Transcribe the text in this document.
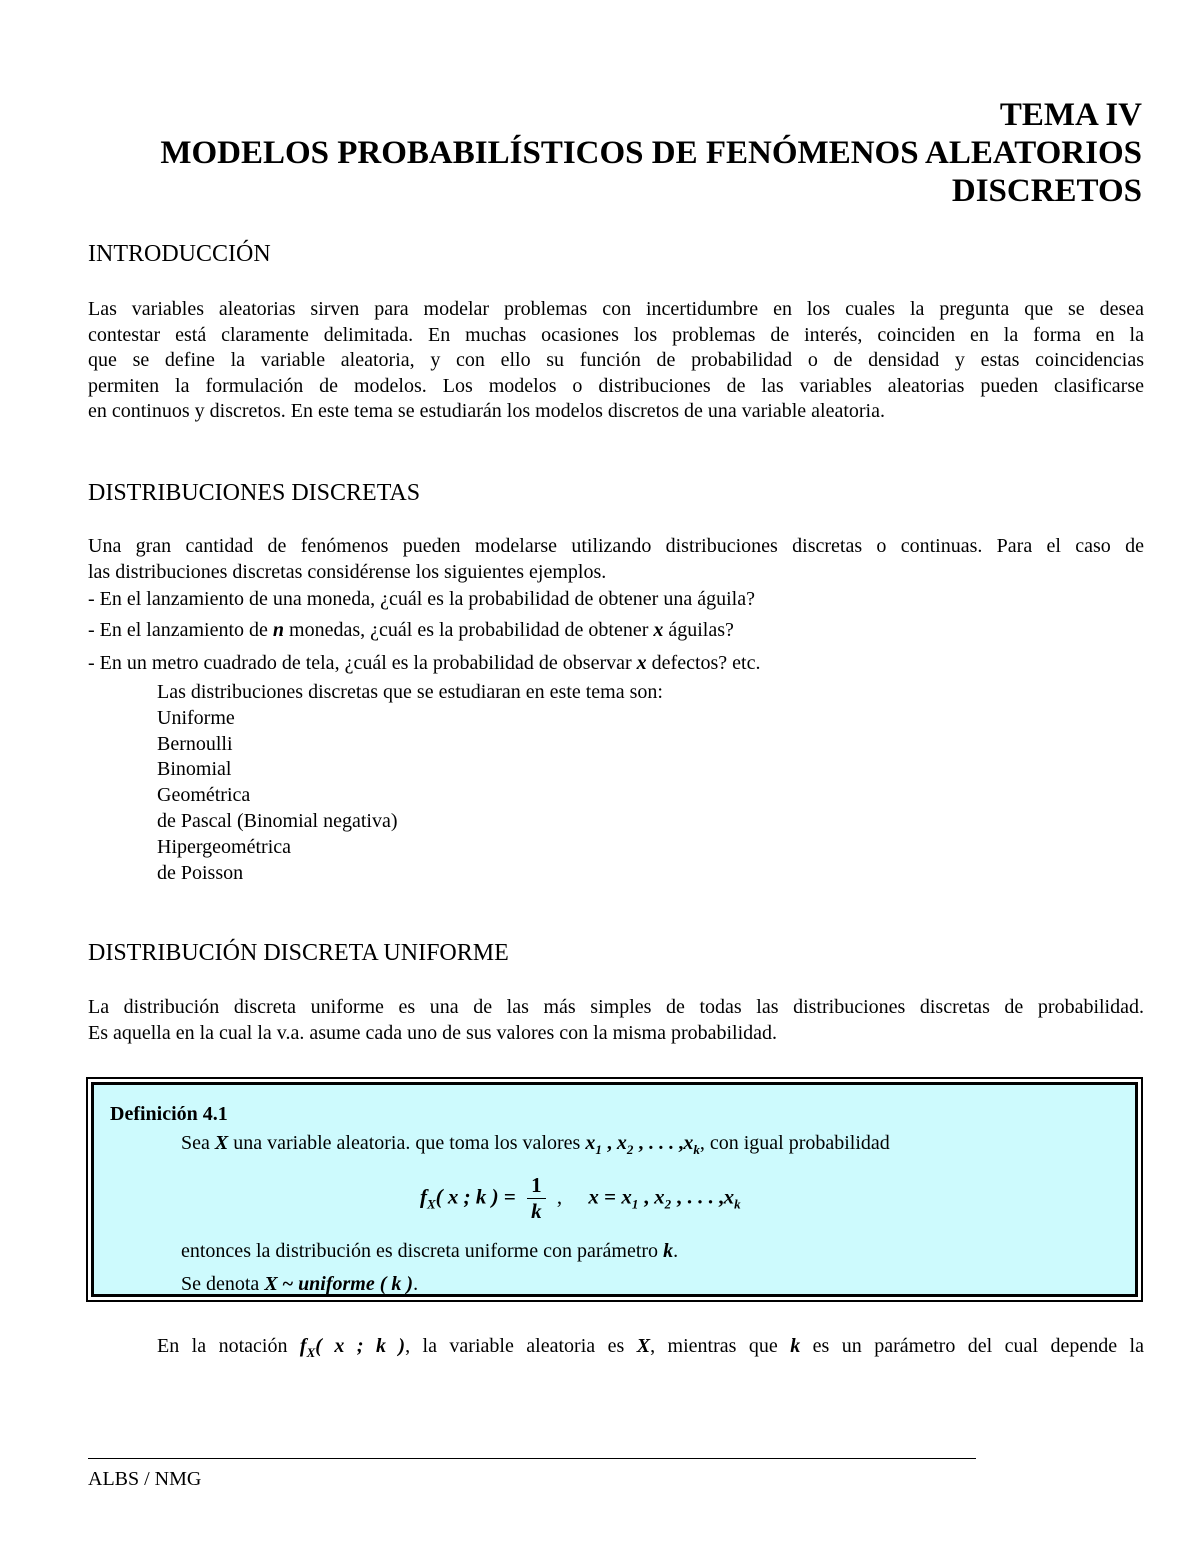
TEMA IV
MODELOS PROBABILÍSTICOS DE FENÓMENOS ALEATORIOS
DISCRETOS
INTRODUCCIÓN
Las variables aleatorias sirven para modelar problemas con incertidumbre en los cuales la pregunta que se desea
contestar está claramente delimitada. En muchas ocasiones los problemas de interés, coinciden en la forma en la
que se define la variable aleatoria, y con ello su función de probabilidad o de densidad y estas coincidencias
permiten la formulación de modelos. Los modelos o distribuciones de las variables aleatorias pueden clasificarse
en continuos y discretos. En este tema se estudiarán los modelos discretos de una variable aleatoria.
DISTRIBUCIONES DISCRETAS
Una gran cantidad de fenómenos pueden modelarse utilizando distribuciones discretas o continuas. Para el caso de
las distribuciones discretas considérense los siguientes ejemplos.
- En el lanzamiento de una moneda, ¿cuál es la probabilidad de obtener una águila?
- En el lanzamiento de n monedas, ¿cuál es la probabilidad de obtener x águilas?
- En un metro cuadrado de tela, ¿cuál es la probabilidad de observar x defectos? etc.
Las distribuciones discretas que se estudiaran en este tema son:
Uniforme
Bernoulli
Binomial
Geométrica
de Pascal (Binomial negativa)
Hipergeométrica
de Poisson
DISTRIBUCIÓN DISCRETA UNIFORME
La distribución discreta uniforme es una de las más simples de todas las distribuciones discretas de probabilidad.
Es aquella en la cual la v.a. asume cada uno de sus valores con la misma probabilidad.
Definición 4.1
Sea X una variable aleatoria. que toma los valores $x_1$ , $x_2$ , . . . $,x_k$, con igual probabilidad
$f_X$( x ; k ) = $\frac{1}{k}$ ,     $x = x_1$ , $x_2$ , . . . $,x_k$
entonces la distribución es discreta uniforme con parámetro k.
Se denota X ~ uniforme ( k ).
En la notación $f_X$( x ; k ), la variable aleatoria es X, mientras que k es un parámetro del cual depende la
ALBS / NMG
